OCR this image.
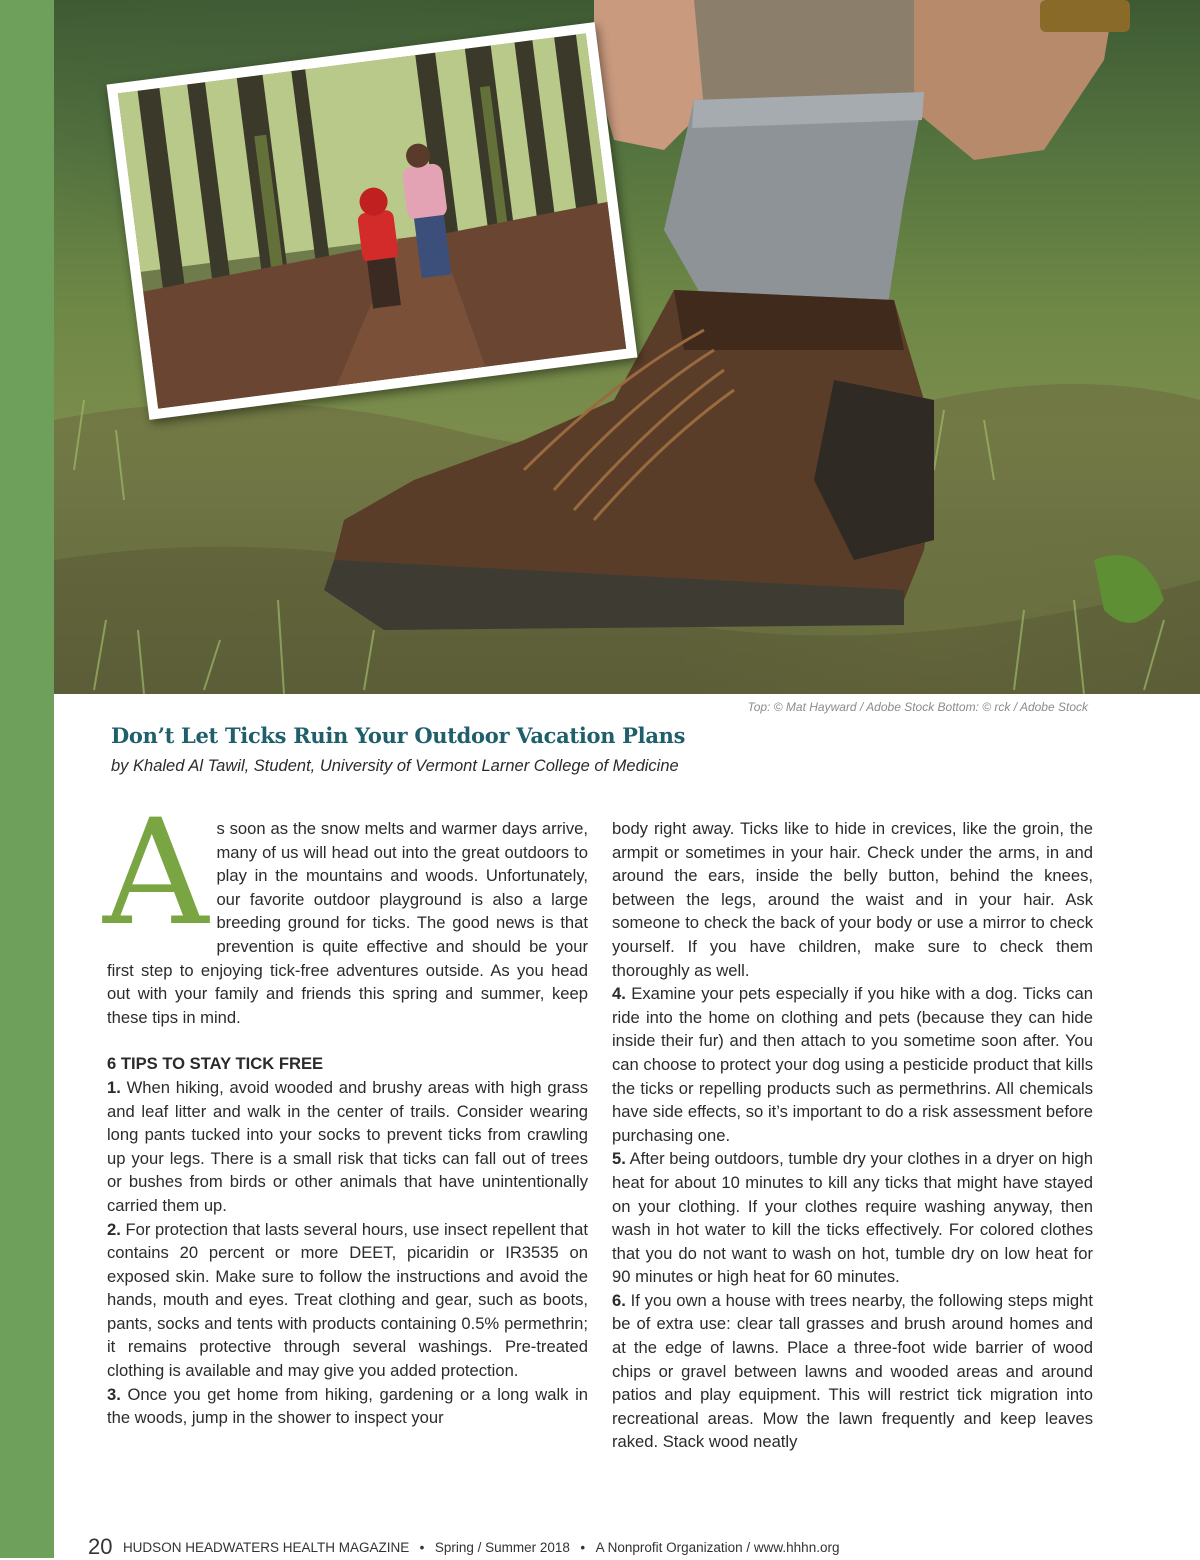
Top: © Mat Hayward / Adobe Stock Bottom: © rck / Adobe Stock
Don’t Let Ticks Ruin Your Outdoor Vacation Plans
by Khaled Al Tawil, Student, University of Vermont Larner College of Medicine

As soon as the snow melts and warmer days arrive, many of us will head out into the great outdoors to play in the mountains and woods. Unfortunately, our favorite outdoor playground is also a large breeding ground for ticks. The good news is that prevention is quite effective and should be your first step to enjoying tick-free adventures outside. As you head out with your family and friends this spring and summer, keep these tips in mind.

6 TIPS TO STAY TICK FREE

1. When hiking, avoid wooded and brushy areas with high grass and leaf litter and walk in the center of trails. Consider wearing long pants tucked into your socks to prevent ticks from crawling up your legs. There is a small risk that ticks can fall out of trees or bushes from birds or other animals that have unintentionally carried them up.

2. For protection that lasts several hours, use insect repellent that contains 20 percent or more DEET, picaridin or IR3535 on exposed skin. Make sure to follow the instructions and avoid the hands, mouth and eyes. Treat clothing and gear, such as boots, pants, socks and tents with products containing 0.5% permethrin; it remains protective through several washings. Pre-treated clothing is available and may give you added protection.

3. Once you get home from hiking, gardening or a long walk in the woods, jump in the shower to inspect your

body right away. Ticks like to hide in crevices, like the groin, the armpit or sometimes in your hair. Check under the arms, in and around the ears, inside the belly button, behind the knees, between the legs, around the waist and in your hair. Ask someone to check the back of your body or use a mirror to check yourself. If you have children, make sure to check them thoroughly as well.

4. Examine your pets especially if you hike with a dog. Ticks can ride into the home on clothing and pets (because they can hide inside their fur) and then attach to you sometime soon after. You can choose to protect your dog using a pesticide product that kills the ticks or repelling products such as permethrins. All chemicals have side effects, so it’s important to do a risk assessment before purchasing one.

5. After being outdoors, tumble dry your clothes in a dryer on high heat for about 10 minutes to kill any ticks that might have stayed on your clothing. If your clothes require washing anyway, then wash in hot water to kill the ticks effectively. For colored clothes that you do not want to wash on hot, tumble dry on low heat for 90 minutes or high heat for 60 minutes.

6. If you own a house with trees nearby, the following steps might be of extra use: clear tall grasses and brush around homes and at the edge of lawns. Place a three-foot wide barrier of wood chips or gravel between lawns and wooded areas and around patios and play equipment. This will restrict tick migration into recreational areas. Mow the lawn frequently and keep leaves raked. Stack wood neatly

20 HUDSON HEADWATERS HEALTH MAGAZINE • Spring / Summer 2018 • A Nonprofit Organization / www.hhhn.org
